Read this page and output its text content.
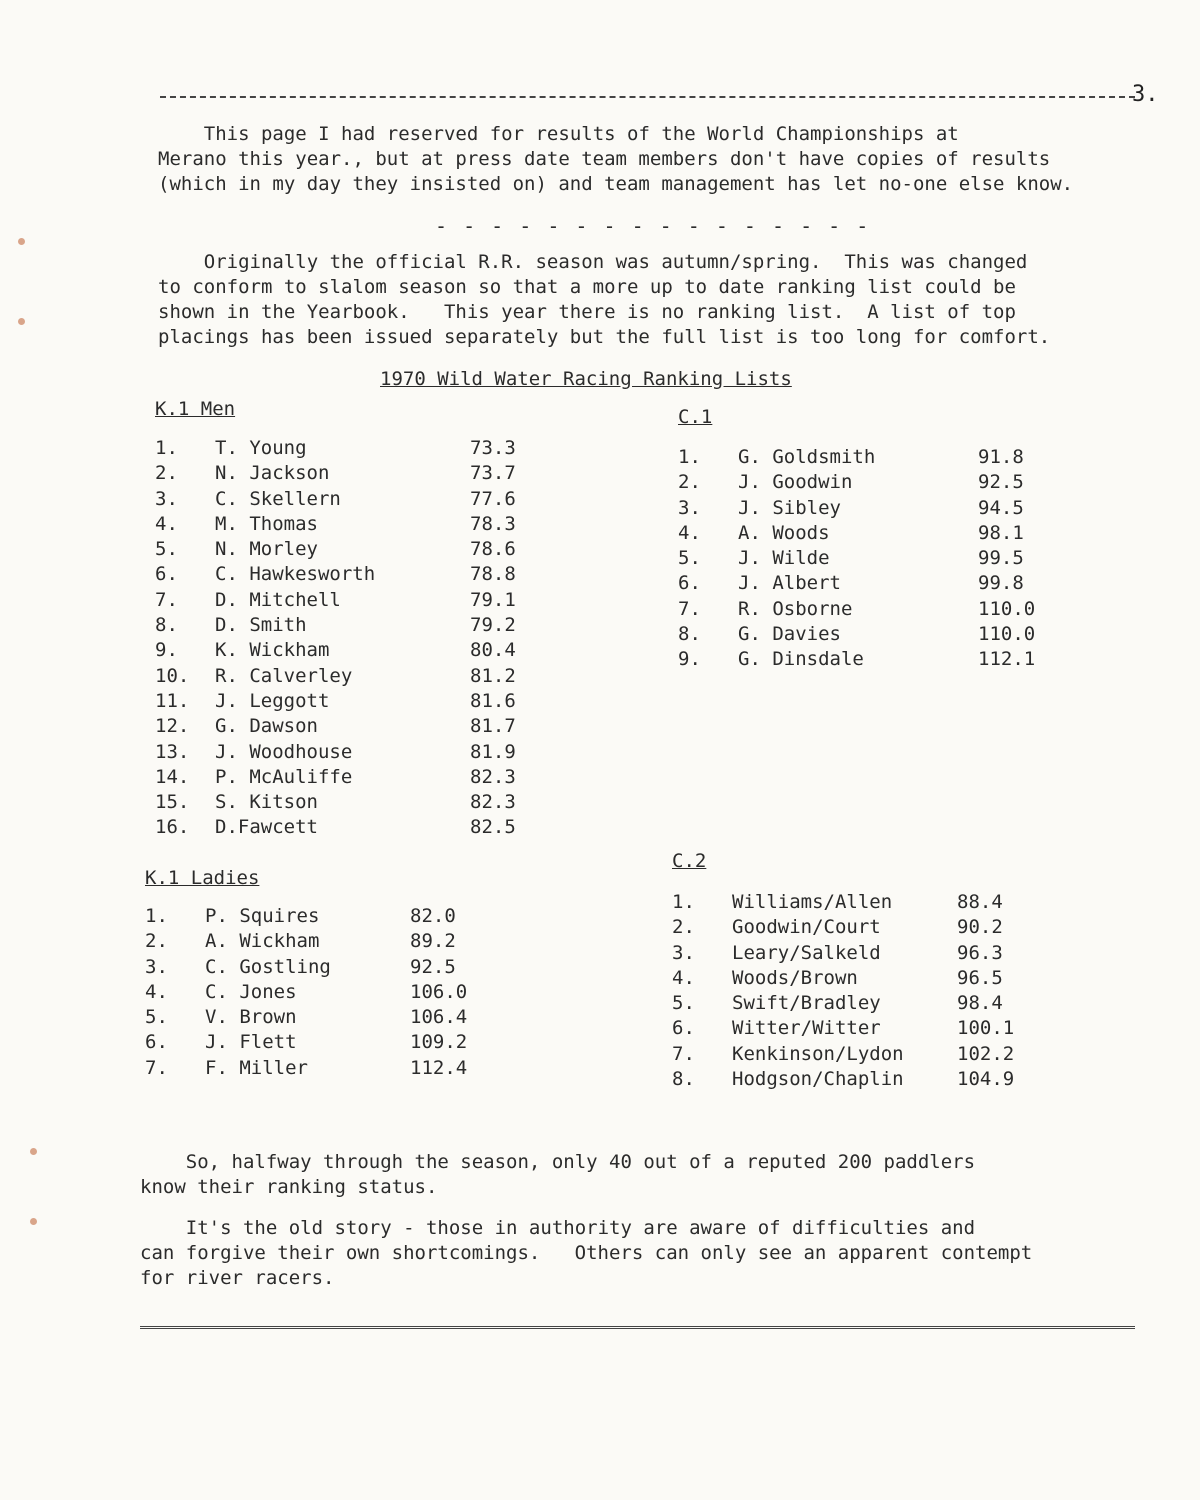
3.

This page I had reserved for results of the World Championships at
Merano this year., but at press date team members don't have copies of results
(which in my day they insisted on) and team management has let no-one else know.

- - - - - - - - - - - - - - - -

Originally the official R.R. season was autumn/spring.  This was changed
to conform to slalom season so that a more up to date ranking list could be
shown in the Yearbook.   This year there is no ranking list.  A list of top
placings has been issued separately but the full list is too long for comfort.

1970 Wild Water Racing Ranking Lists
K.1 Men
1.	T. Young	73.3
2.	N. Jackson	73.7
3.	C. Skellern	77.6
4.	M. Thomas	78.3
5.	N. Morley	78.6
6.	C. Hawkesworth	78.8
7.	D. Mitchell	79.1
8.	D. Smith	79.2
9.	K. Wickham	80.4
10.	R. Calverley	81.2
11.	J. Leggott	81.6
12.	G. Dawson	81.7
13.	J. Woodhouse	81.9
14.	P. McAuliffe	82.3
15.	S. Kitson	82.3
16.	D.Fawcett	82.5
K.1 Ladies
1.	P. Squires	82.0
2.	A. Wickham	89.2
3.	C. Gostling	92.5
4.	C. Jones	106.0
5.	V. Brown	106.4
6.	J. Flett	109.2
7.	F. Miller	112.4
C.1
1.	G. Goldsmith	91.8
2.	J. Goodwin	92.5
3.	J. Sibley	94.5
4.	A. Woods	98.1
5.	J. Wilde	99.5
6.	J. Albert	99.8
7.	R. Osborne	110.0
8.	G. Davies	110.0
9.	G. Dinsdale	112.1
C.2
1.	Williams/Allen	88.4
2.	Goodwin/Court	90.2
3.	Leary/Salkeld	96.3
4.	Woods/Brown	96.5
5.	Swift/Bradley	98.4
6.	Witter/Witter	100.1
7.	Kenkinson/Lydon	102.2
8.	Hodgson/Chaplin	104.9

So, halfway through the season, only 40 out of a reputed 200 paddlers
know their ranking status.

It's the old story - those in authority are aware of difficulties and
can forgive their own shortcomings.   Others can only see an apparent contempt
for river racers.
